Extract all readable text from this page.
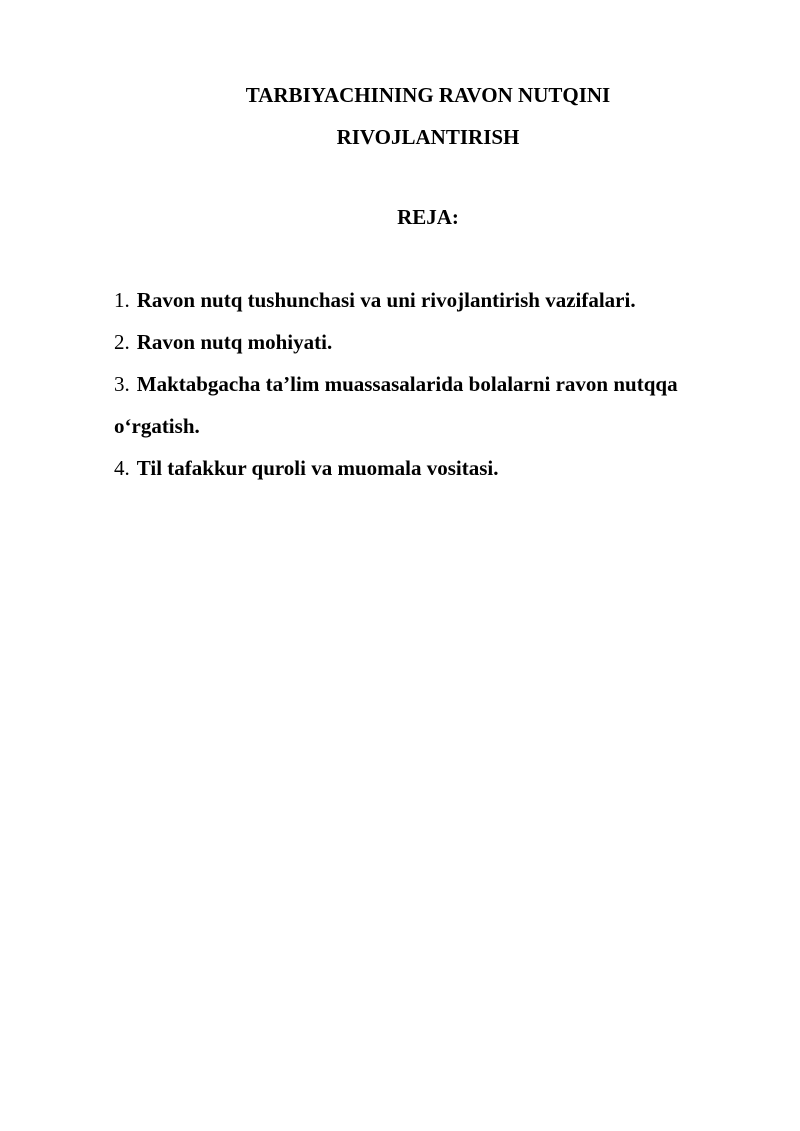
TARBIYACHINING RAVON NUTQINI
RIVOJLANTIRISH
REJA:
1. Ravon nutq tushunchasi va uni rivojlantirish vazifalari.
2. Ravon nutq mohiyati.
3. Maktabgacha ta’lim muassasalarida bolalarni ravon nutqqa o‘rgatish.
4. Til tafakkur quroli va muomala vositasi.
